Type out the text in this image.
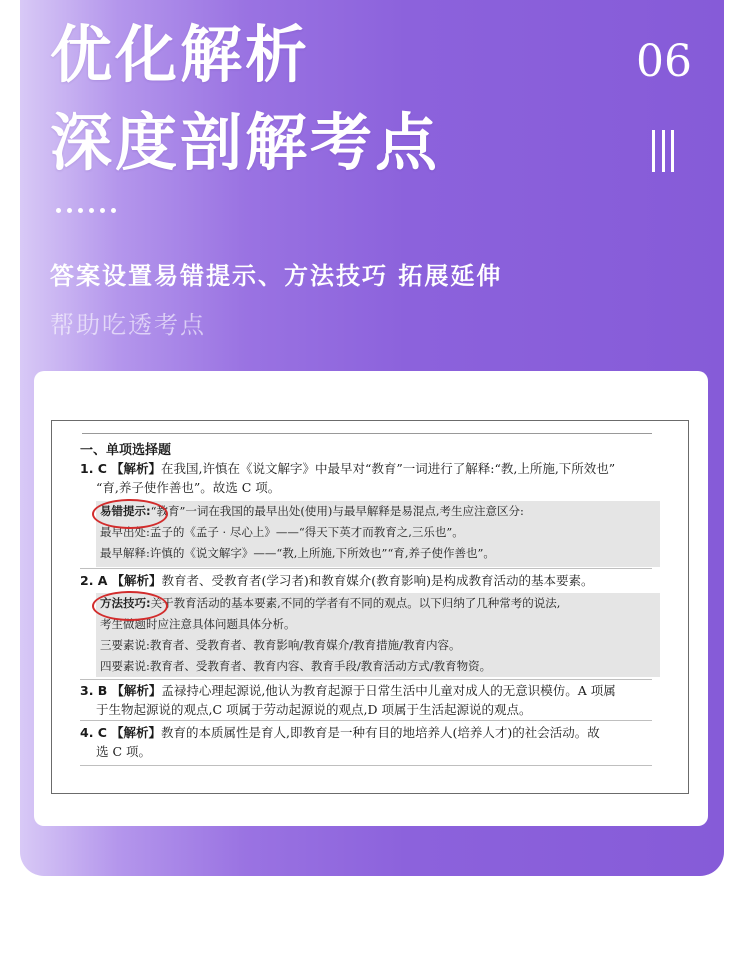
优化解析
深度剖解考点
06

答案设置易错提示、方法技巧 拓展延伸

帮助吃透考点

一、单项选择题

1. C 【解析】在我国,许慎在《说文解字》中最早对“教育”一词进行了解释:“教,上所施,下所效也”
“育,养子使作善也”。故选 C 项。

易错提示:“教育”一词在我国的最早出处(使用)与最早解释是易混点,考生应注意区分:
最早出处:孟子的《孟子 · 尽心上》——“得天下英才而教育之,三乐也”。
最早解释:许慎的《说文解字》——“教,上所施,下所效也”“育,养子使作善也”。

2. A 【解析】教育者、受教育者(学习者)和教育媒介(教育影响)是构成教育活动的基本要素。

方法技巧:关于教育活动的基本要素,不同的学者有不同的观点。以下归纳了几种常考的说法,
考生做题时应注意具体问题具体分析。
三要素说:教育者、受教育者、教育影响/教育媒介/教育措施/教育内容。
四要素说:教育者、受教育者、教育内容、教育手段/教育活动方式/教育物资。

3. B 【解析】孟禄持心理起源说,他认为教育起源于日常生活中儿童对成人的无意识模仿。A 项属
于生物起源说的观点,C 项属于劳动起源说的观点,D 项属于生活起源说的观点。

4. C 【解析】教育的本质属性是育人,即教育是一种有目的地培养人(培养人才)的社会活动。故
选 C 项。
